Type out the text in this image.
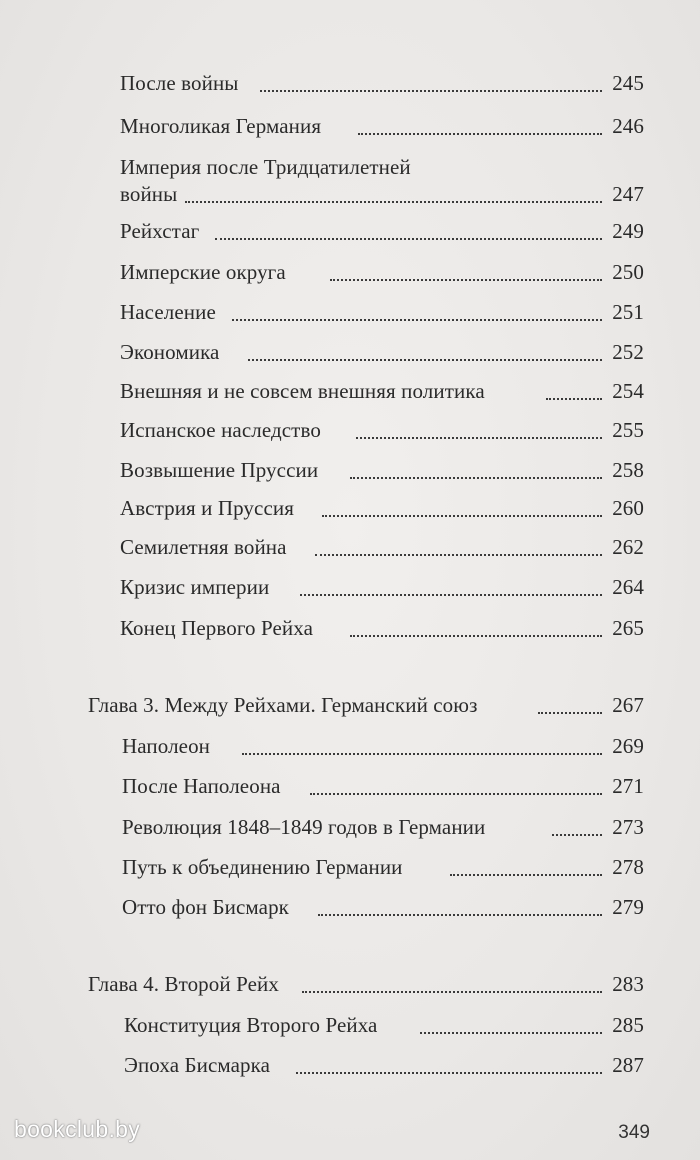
После войны	245
Многоликая Германия	246
Империя после Тридцатилетней
войны	247
Рейхстаг	249
Имперские округа	250
Население	251
Экономика	252
Внешняя и не совсем внешняя политика	254
Испанское наследство	255
Возвышение Пруссии	258
Австрия и Пруссия	260
Семилетняя война	262
Кризис империи	264
Конец Первого Рейха	265
Глава 3. Между Рейхами. Германский союз	267
Наполеон	269
После Наполеона	271
Революция 1848–1849 годов в Германии	273
Путь к объединению Германии	278
Отто фон Бисмарк	279
Глава 4. Второй Рейх	283
Конституция Второго Рейха	285
Эпоха Бисмарка	287
349
bookclub.by
